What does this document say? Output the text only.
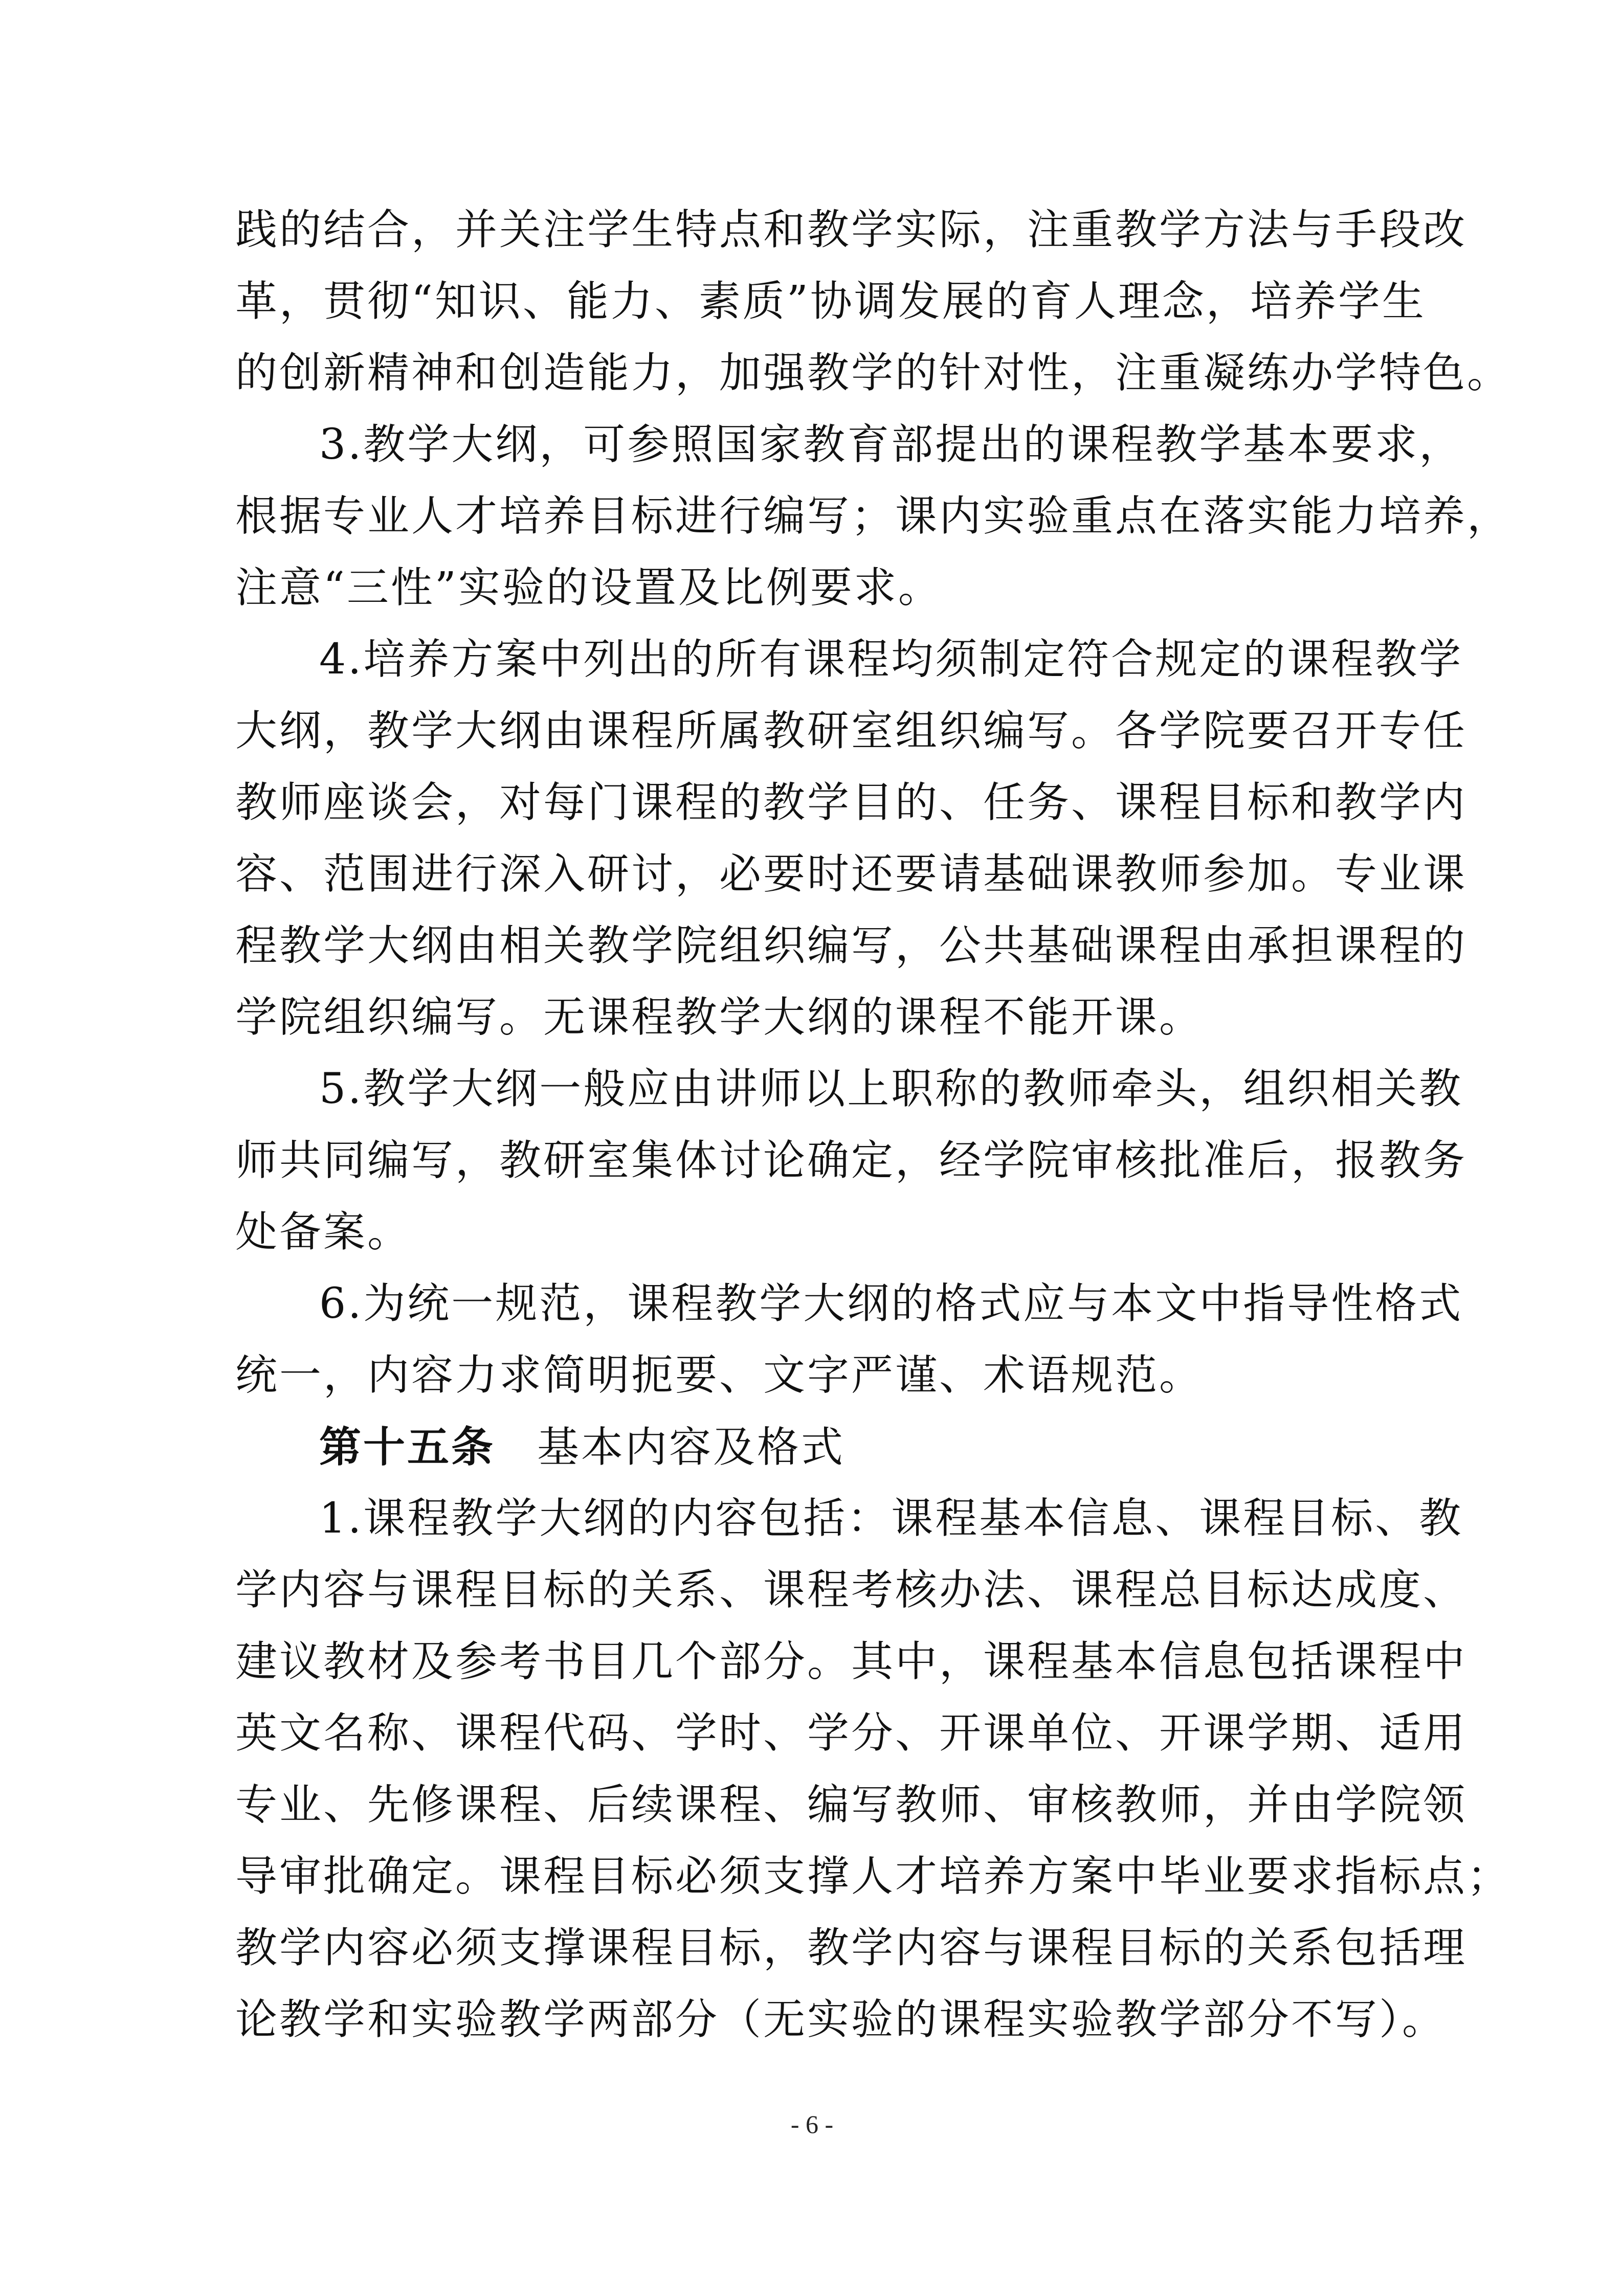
践的结合，并关注学生特点和教学实际，注重教学方法与手段改
革，贯彻“知识、能力、素质”协调发展的育人理念，培养学生
的创新精神和创造能力，加强教学的针对性，注重凝练办学特色。
3.教学大纲，可参照国家教育部提出的课程教学基本要求，
根据专业人才培养目标进行编写；课内实验重点在落实能力培养，
注意“三性”实验的设置及比例要求。
4.培养方案中列出的所有课程均须制定符合规定的课程教学
大纲，教学大纲由课程所属教研室组织编写。各学院要召开专任
教师座谈会，对每门课程的教学目的、任务、课程目标和教学内
容、范围进行深入研讨，必要时还要请基础课教师参加。专业课
程教学大纲由相关教学院组织编写，公共基础课程由承担课程的
学院组织编写。无课程教学大纲的课程不能开课。
5.教学大纲一般应由讲师以上职称的教师牵头，组织相关教
师共同编写，教研室集体讨论确定，经学院审核批准后，报教务
处备案。
6.为统一规范，课程教学大纲的格式应与本文中指导性格式
统一，内容力求简明扼要、文字严谨、术语规范。
第十五条 基本内容及格式
1.课程教学大纲的内容包括：课程基本信息、课程目标、教
学内容与课程目标的关系、课程考核办法、课程总目标达成度、
建议教材及参考书目几个部分。其中，课程基本信息包括课程中
英文名称、课程代码、学时、学分、开课单位、开课学期、适用
专业、先修课程、后续课程、编写教师、审核教师，并由学院领
导审批确定。课程目标必须支撑人才培养方案中毕业要求指标点；
教学内容必须支撑课程目标，教学内容与课程目标的关系包括理
论教学和实验教学两部分（无实验的课程实验教学部分不写）。
- 6 -
